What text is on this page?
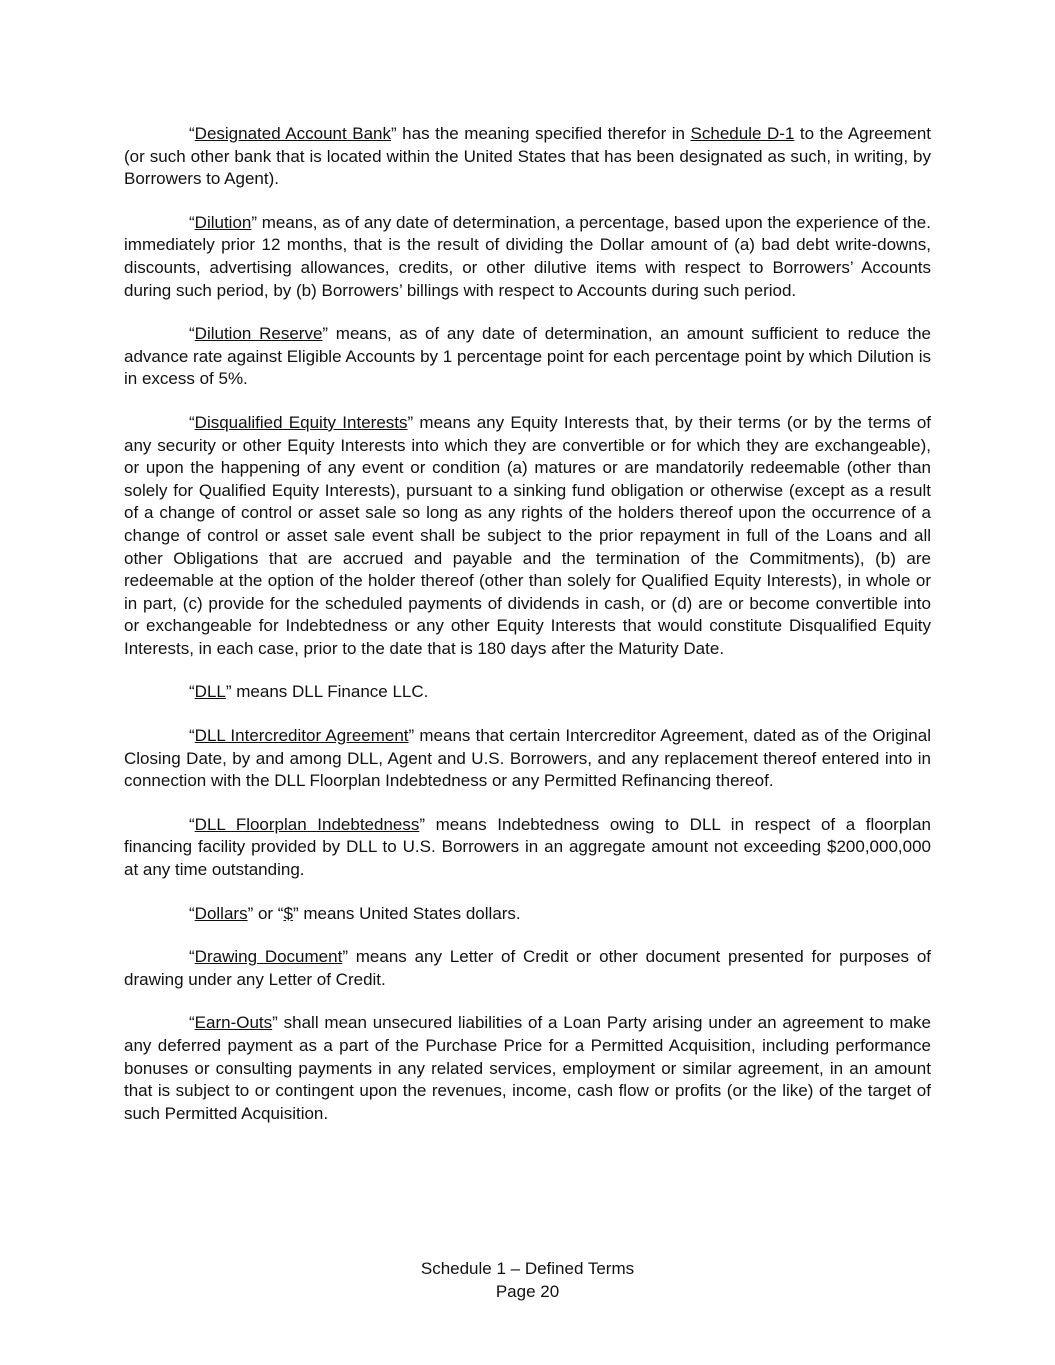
“Designated Account Bank” has the meaning specified therefor in Schedule D-1 to the Agreement (or such other bank that is located within the United States that has been designated as such, in writing, by Borrowers to Agent).

“Dilution” means, as of any date of determination, a percentage, based upon the experience of the. immediately prior 12 months, that is the result of dividing the Dollar amount of (a) bad debt write-downs, discounts, advertising allowances, credits, or other dilutive items with respect to Borrowers’ Accounts during such period, by (b) Borrowers’ billings with respect to Accounts during such period.

“Dilution Reserve” means, as of any date of determination, an amount sufficient to reduce the advance rate against Eligible Accounts by 1 percentage point for each percentage point by which Dilution is in excess of 5%.

“Disqualified Equity Interests” means any Equity Interests that, by their terms (or by the terms of any security or other Equity Interests into which they are convertible or for which they are exchangeable), or upon the happening of any event or condition (a) matures or are mandatorily redeemable (other than solely for Qualified Equity Interests), pursuant to a sinking fund obligation or otherwise (except as a result of a change of control or asset sale so long as any rights of the holders thereof upon the occurrence of a change of control or asset sale event shall be subject to the prior repayment in full of the Loans and all other Obligations that are accrued and payable and the termination of the Commitments), (b) are redeemable at the option of the holder thereof (other than solely for Qualified Equity Interests), in whole or in part, (c) provide for the scheduled payments of dividends in cash, or (d) are or become convertible into or exchangeable for Indebtedness or any other Equity Interests that would constitute Disqualified Equity Interests, in each case, prior to the date that is 180 days after the Maturity Date.

“DLL” means DLL Finance LLC.

“DLL Intercreditor Agreement” means that certain Intercreditor Agreement, dated as of the Original Closing Date, by and among DLL, Agent and U.S. Borrowers, and any replacement thereof entered into in connection with the DLL Floorplan Indebtedness or any Permitted Refinancing thereof.

“DLL Floorplan Indebtedness” means Indebtedness owing to DLL in respect of a floorplan financing facility provided by DLL to U.S. Borrowers in an aggregate amount not exceeding $200,000,000 at any time outstanding.

“Dollars” or “$” means United States dollars.

“Drawing Document” means any Letter of Credit or other document presented for purposes of drawing under any Letter of Credit.

“Earn-Outs” shall mean unsecured liabilities of a Loan Party arising under an agreement to make any deferred payment as a part of the Purchase Price for a Permitted Acquisition, including performance bonuses or consulting payments in any related services, employment or similar agreement, in an amount that is subject to or contingent upon the revenues, income, cash flow or profits (or the like) of the target of such Permitted Acquisition.

Schedule 1 – Defined Terms
Page 20
